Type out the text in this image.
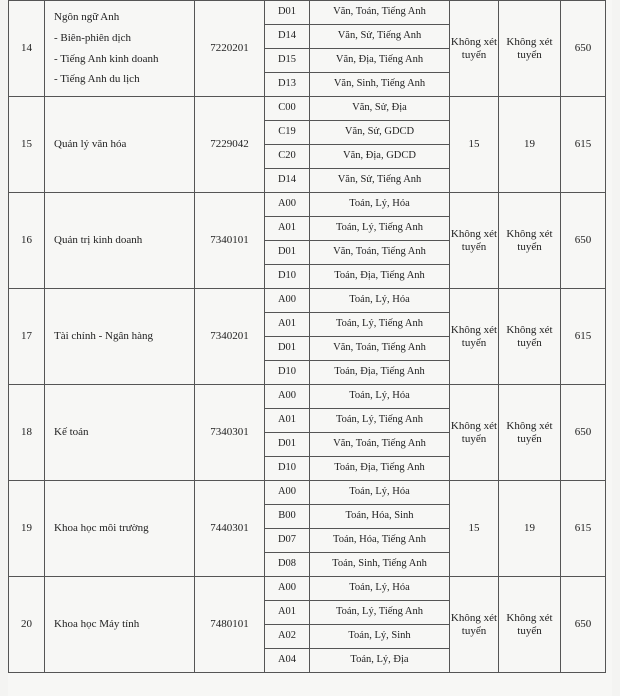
14	Ngôn ngữ Anh
- Biên-phiên dịch
- Tiếng Anh kinh doanh
- Tiếng Anh du lịch	7220201	D01	Văn, Toán, Tiếng Anh	Không xét tuyển	Không xét tuyển	650
			D14	Văn, Sử, Tiếng Anh			
			D15	Văn, Địa, Tiếng Anh			
			D13	Văn, Sinh, Tiếng Anh			
15	Quản lý văn hóa	7229042	C00	Văn, Sử, Địa	15	19	615
			C19	Văn, Sử, GDCD			
			C20	Văn, Địa, GDCD			
			D14	Văn, Sử, Tiếng Anh			
16	Quản trị kinh doanh	7340101	A00	Toán, Lý, Hóa	Không xét tuyển	Không xét tuyển	650
			A01	Toán, Lý, Tiếng Anh			
			D01	Văn, Toán, Tiếng Anh			
			D10	Toán, Địa, Tiếng Anh			
17	Tài chính - Ngân hàng	7340201	A00	Toán, Lý, Hóa	Không xét tuyển	Không xét tuyển	615
			A01	Toán, Lý, Tiếng Anh			
			D01	Văn, Toán, Tiếng Anh			
			D10	Toán, Địa, Tiếng Anh			
18	Kế toán	7340301	A00	Toán, Lý, Hóa	Không xét tuyển	Không xét tuyển	650
			A01	Toán, Lý, Tiếng Anh			
			D01	Văn, Toán, Tiếng Anh			
			D10	Toán, Địa, Tiếng Anh			
19	Khoa học môi trường	7440301	A00	Toán, Lý, Hóa	15	19	615
			B00	Toán, Hóa, Sinh			
			D07	Toán, Hóa, Tiếng Anh			
			D08	Toán, Sinh, Tiếng Anh			
20	Khoa học Máy tính	7480101	A00	Toán, Lý, Hóa	Không xét tuyển	Không xét tuyển	650
			A01	Toán, Lý, Tiếng Anh			
			A02	Toán, Lý, Sinh			
			A04	Toán, Lý, Địa			
